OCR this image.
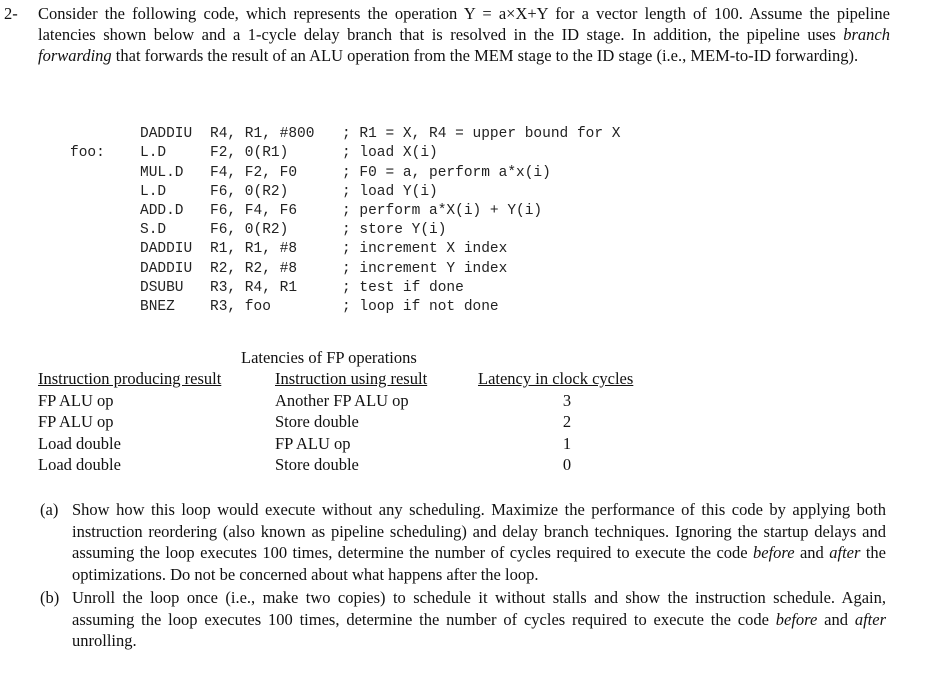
2- Consider the following code, which represents the operation Y = a×X+Y for a vector length of 100. Assume the pipeline latencies shown below and a 1-cycle delay branch that is resolved in the ID stage. In addition, the pipeline uses branch forwarding that forwards the result of an ALU operation from the MEM stage to the ID stage (i.e., MEM-to-ID forwarding).

DADDIU R4, R1, #800 ; R1 = X, R4 = upper bound for X

foo: L.D	F2, 0(R1)	; load X(i)

MUL.D F4, F2, F0	; F0 = a, perform a*x(i)

L.D	F6, 0(R2)	; load Y(i)

ADD.D F6, F4, F6	; perform a*X(i) + Y(i)

S.D	F6, 0(R2)	; store Y(i)

DADDIU R1, R1, #8	; increment X index

DADDIU R2, R2, #8	; increment Y index

DSUBU R3, R4, R1	; test if done

BNEZ R3, foo	; loop if not done

Latencies of FP operations
Instruction producing result	Instruction using result	Latency in clock cycles
FP ALU op	Another FP ALU op	3
FP ALU op	Store double	2
Load double	FP ALU op	1
Load double	Store double	0
(a) Show how this loop would execute without any scheduling. Maximize the performance of this code by applying both instruction reordering (also known as pipeline scheduling) and delay branch techniques. Ignoring the startup delays and assuming the loop executes 100 times, determine the number of cycles required to execute the code before and after the optimizations. Do not be concerned about what happens after the loop.
(b) Unroll the loop once (i.e., make two copies) to schedule it without stalls and show the instruction schedule. Again, assuming the loop executes 100 times, determine the number of cycles required to execute the code before and after unrolling.
